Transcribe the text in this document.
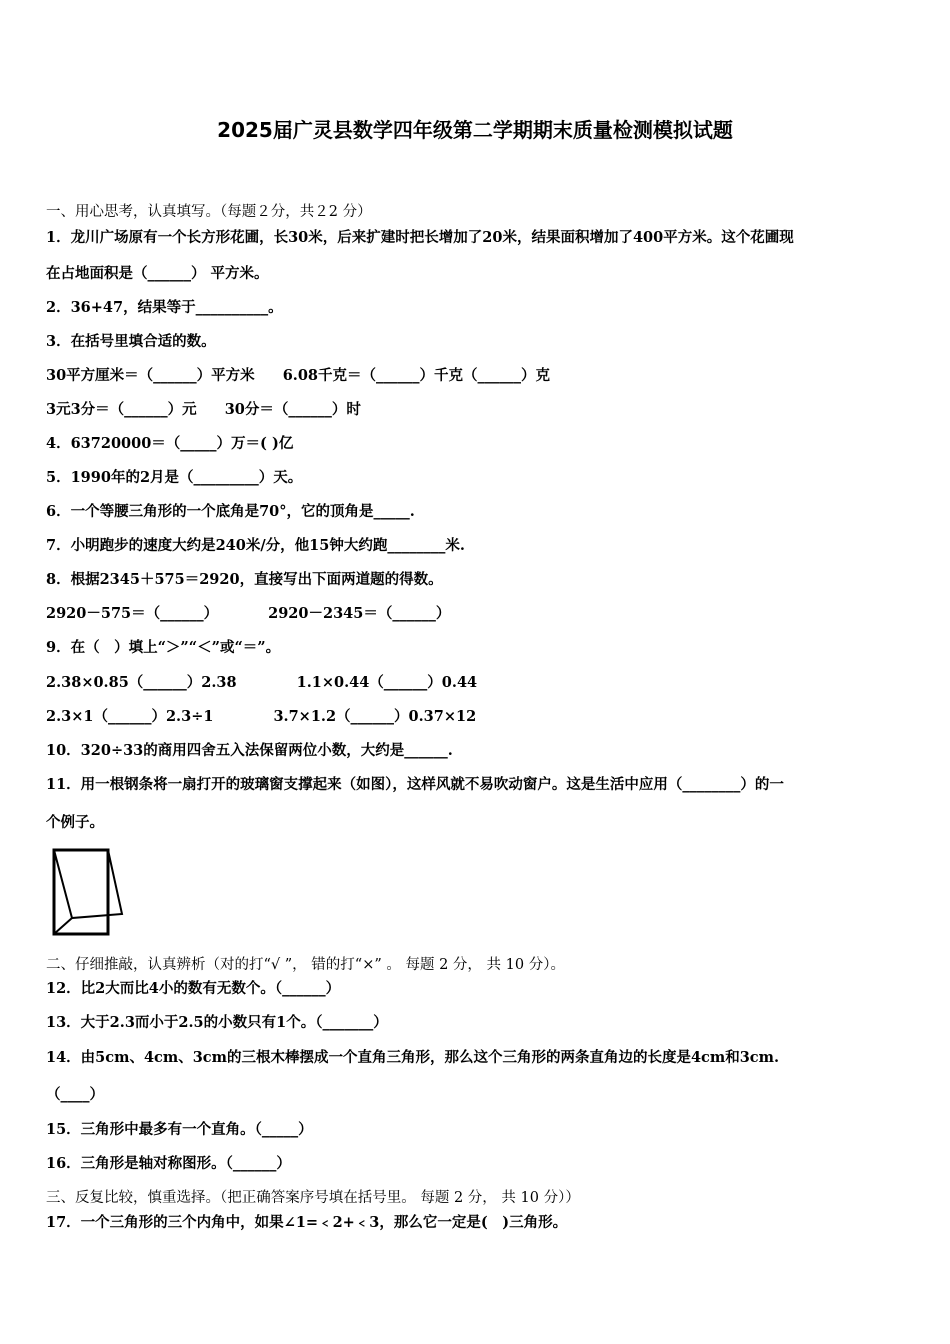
2025届广灵县数学四年级第二学期期末质量检测模拟试题
一、用心思考，认真填写。（每题２分，共２2 分）
1．龙川广场原有一个长方形花圃，长30米，后来扩建时把长增加了20米，结果面积增加了400平方米。这个花圃现
在占地面积是（______） 平方米。
2．36+47，结果等于__________。
3．在括号里填合适的数。
30平方厘米＝（______）平方米 6.08千克＝（______）千克（______）克
3元3分＝（______）元 30分＝（______）时
4．63720000＝（_____）万＝( )亿
5．1990年的2月是（_________）天。
6．一个等腰三角形的一个底角是70°，它的顶角是_____.
7．小明跑步的速度大约是240米/分，他15钟大约跑________米.
8．根据2345＋575＝2920，直接写出下面两道题的得数。
2920－575＝（______）	2920－2345＝（______）
9．在（　）填上“＞”“＜”或“＝”。
2.38×0.85（______）2.38	1.1×0.44（______）0.44
2.3×1（______）2.3÷1	3.7×1.2（______）0.37×12
10．320÷33的商用四舍五入法保留两位小数，大约是______.
11．用一根钢条将一扇打开的玻璃窗支撑起来（如图），这样风就不易吹动窗户。这是生活中应用（________）的一
个例子。
二、仔细推敲，认真辨析（对的打“√ ”， 错的打“×” 。 每题 2 分， 共 10 分）。
12．比2大而比4小的数有无数个。（______）
13．大于2.3而小于2.5的小数只有1个。（_______）
14．由5cm、4cm、3cm的三根木棒摆成一个直角三角形，那么这个三角形的两条直角边的长度是4cm和3cm.
（____）
15．三角形中最多有一个直角。（_____）
16．三角形是轴对称图形。（______）
三、反复比较，慎重选择。（把正确答案序号填在括号里。 每题 2 分， 共 10 分））
17．一个三角形的三个内角中，如果∠1=﹤2+﹤3，那么它一定是(　)三角形。
